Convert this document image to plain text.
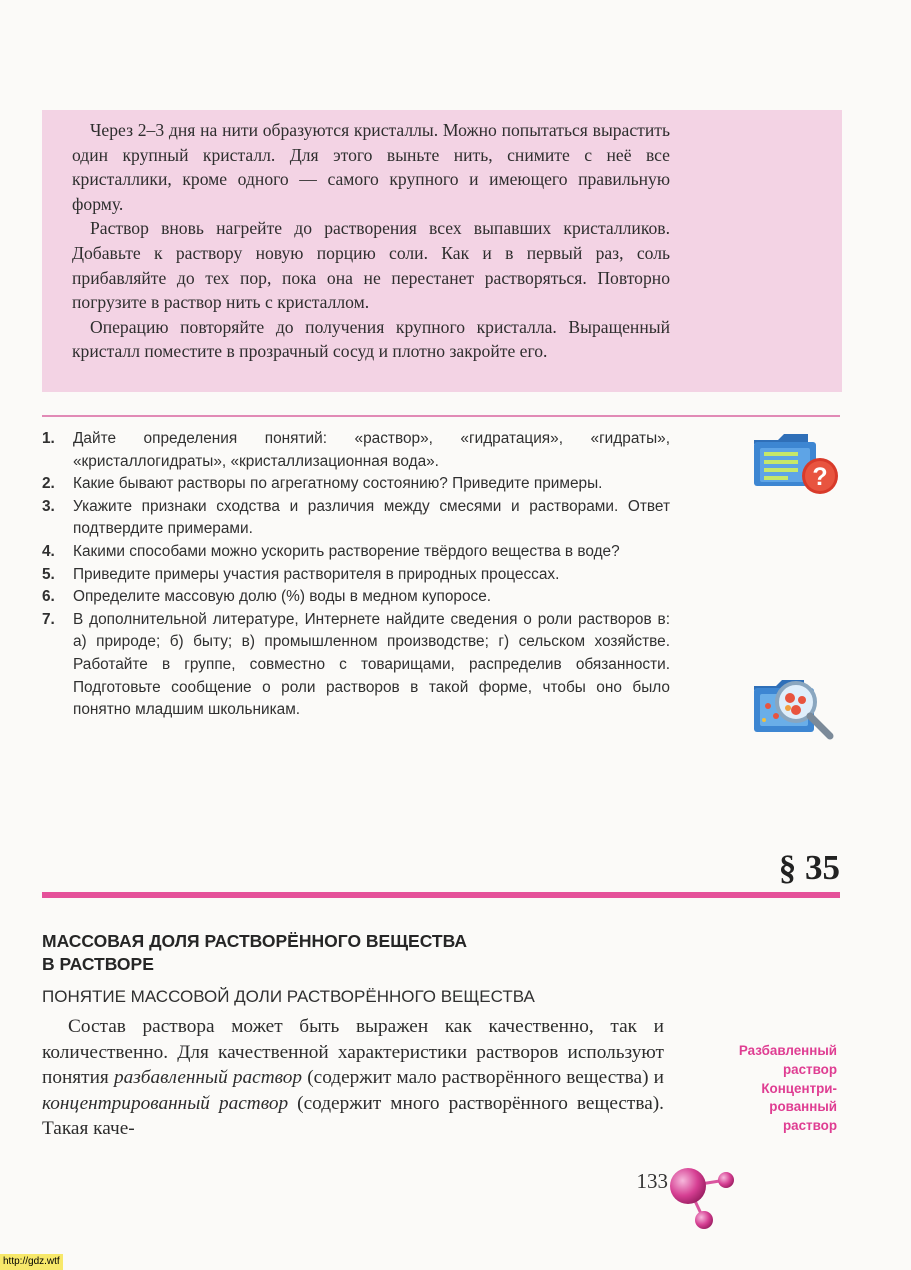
Через 2–3 дня на нити образуются кристаллы. Можно попытаться вырастить один крупный кристалл. Для этого выньте нить, снимите с неё все кристаллики, кроме одного — самого крупного и имеющего правильную форму.

Раствор вновь нагрейте до растворения всех выпавших кристалликов. Добавьте к раствору новую порцию соли. Как и в первый раз, соль прибавляйте до тех пор, пока она не перестанет растворяться. Повторно погрузите в раствор нить с кристаллом.

Операцию повторяйте до получения крупного кристалла. Выращенный кристалл поместите в прозрачный сосуд и плотно закройте его.

1. Дайте определения понятий: «раствор», «гидратация», «гидраты», «кристаллогидраты», «кристаллизационная вода».
2. Какие бывают растворы по агрегатному состоянию? Приведите примеры.
3. Укажите признаки сходства и различия между смесями и растворами. Ответ подтвердите примерами.
4. Какими способами можно ускорить растворение твёрдого вещества в воде?
5. Приведите примеры участия растворителя в природных процессах.
6. Определите массовую долю (%) воды в медном купоросе.
7. В дополнительной литературе, Интернете найдите сведения о роли растворов в: а) природе; б) быту; в) промышленном производстве; г) сельском хозяйстве. Работайте в группе, совместно с товарищами, распределив обязанности. Подготовьте сообщение о роли растворов в такой форме, чтобы оно было понятно младшим школьникам.
?
§ 35
МАССОВАЯ ДОЛЯ РАСТВОРЁННОГО ВЕЩЕСТВА
В РАСТВОРЕ
ПОНЯТИЕ МАССОВОЙ ДОЛИ РАСТВОРЁННОГО ВЕЩЕСТВА

Состав раствора может быть выражен как качественно, так и количественно. Для качественной характеристики растворов используют понятия разбавленный раствор (содержит мало растворённого вещества) и концентрированный раствор (содержит много растворённого вещества). Такая каче-

Разбавленный
раствор
Концентри-
рованный
раствор
133
http://gdz.wtf
